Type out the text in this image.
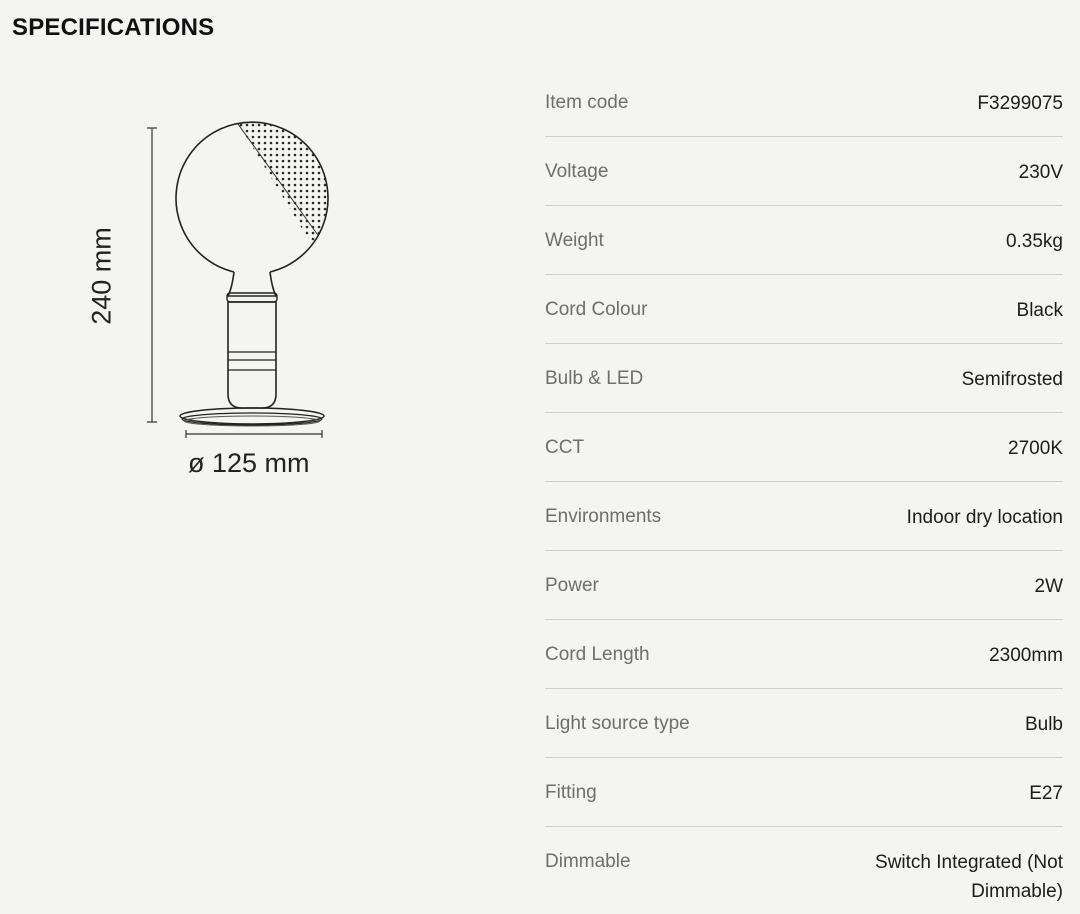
SPECIFICATIONS
240 mm
ø 125 mm
Item code	F3299075
Voltage	230V
Weight	0.35kg
Cord Colour	Black
Bulb & LED	Semifrosted
CCT	2700K
Environments	Indoor dry location
Power	2W
Cord Length	2300mm
Light source type	Bulb
Fitting	E27
Dimmable	Switch Integrated (Not Dimmable)
